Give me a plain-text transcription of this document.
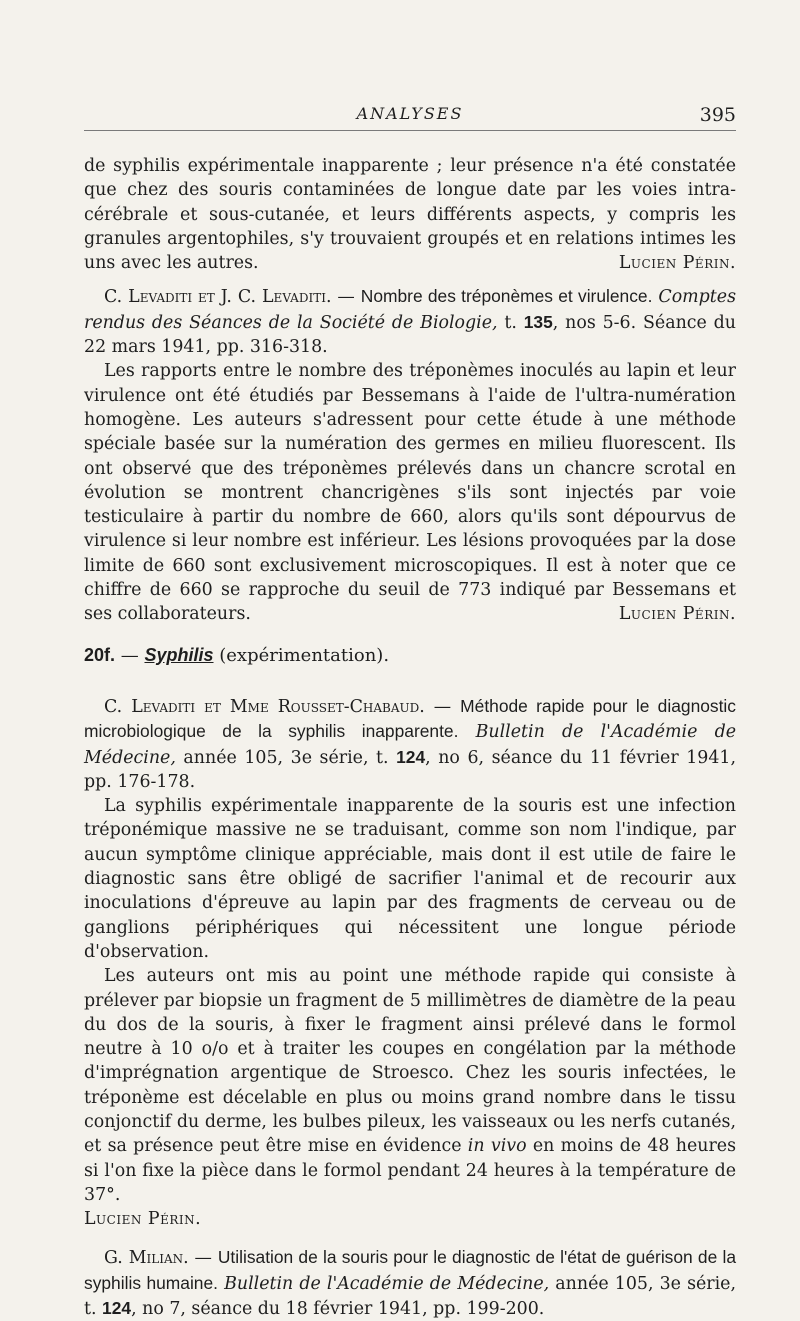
ANALYSES	395

de syphilis expérimentale inapparente ; leur présence n'a été constatée que chez des souris contaminées de longue date par les voies intra-cérébrale et sous-cutanée, et leurs différents aspects, y compris les granules argentophiles, s'y trouvaient groupés et en relations intimes les uns avec les autres.	Lucien Périn.

C. Levaditi et J. C. Levaditi. — Nombre des tréponèmes et virulence. Comptes rendus des Séances de la Société de Biologie, t. 135, nos 5-6. Séance du 22 mars 1941, pp. 316-318.

Les rapports entre le nombre des tréponèmes inoculés au lapin et leur virulence ont été étudiés par Bessemans à l'aide de l'ultra-numération homogène. Les auteurs s'adressent pour cette étude à une méthode spéciale basée sur la numération des germes en milieu fluorescent. Ils ont observé que des tréponèmes prélevés dans un chancre scrotal en évolution se montrent chancrigènes s'ils sont injectés par voie testiculaire à partir du nombre de 660, alors qu'ils sont dépourvus de virulence si leur nombre est inférieur. Les lésions provoquées par la dose limite de 660 sont exclusivement microscopiques. Il est à noter que ce chiffre de 660 se rapproche du seuil de 773 indiqué par Bessemans et ses collaborateurs.	Lucien Périn.

20f. — Syphilis (expérimentation).

C. Levaditi et Mme Rousset-Chabaud. — Méthode rapide pour le diagnostic microbiologique de la syphilis inapparente. Bulletin de l'Académie de Médecine, année 105, 3e série, t. 124, no 6, séance du 11 février 1941, pp. 176-178.

La syphilis expérimentale inapparente de la souris est une infection tréponémique massive ne se traduisant, comme son nom l'indique, par aucun symptôme clinique appréciable, mais dont il est utile de faire le diagnostic sans être obligé de sacrifier l'animal et de recourir aux inoculations d'épreuve au lapin par des fragments de cerveau ou de ganglions périphériques qui nécessitent une longue période d'observation.

Les auteurs ont mis au point une méthode rapide qui consiste à prélever par biopsie un fragment de 5 millimètres de diamètre de la peau du dos de la souris, à fixer le fragment ainsi prélevé dans le formol neutre à 10 o/o et à traiter les coupes en congélation par la méthode d'imprégnation argentique de Stroesco. Chez les souris infectées, le tréponème est décelable en plus ou moins grand nombre dans le tissu conjonctif du derme, les bulbes pileux, les vaisseaux ou les nerfs cutanés, et sa présence peut être mise en évidence in vivo en moins de 48 heures si l'on fixe la pièce dans le formol pendant 24 heures à la température de 37°.

Lucien Périn.

G. Milian. — Utilisation de la souris pour le diagnostic de l'état de guérison de la syphilis humaine. Bulletin de l'Académie de Médecine, année 105, 3e série, t. 124, no 7, séance du 18 février 1941, pp. 199-200.
